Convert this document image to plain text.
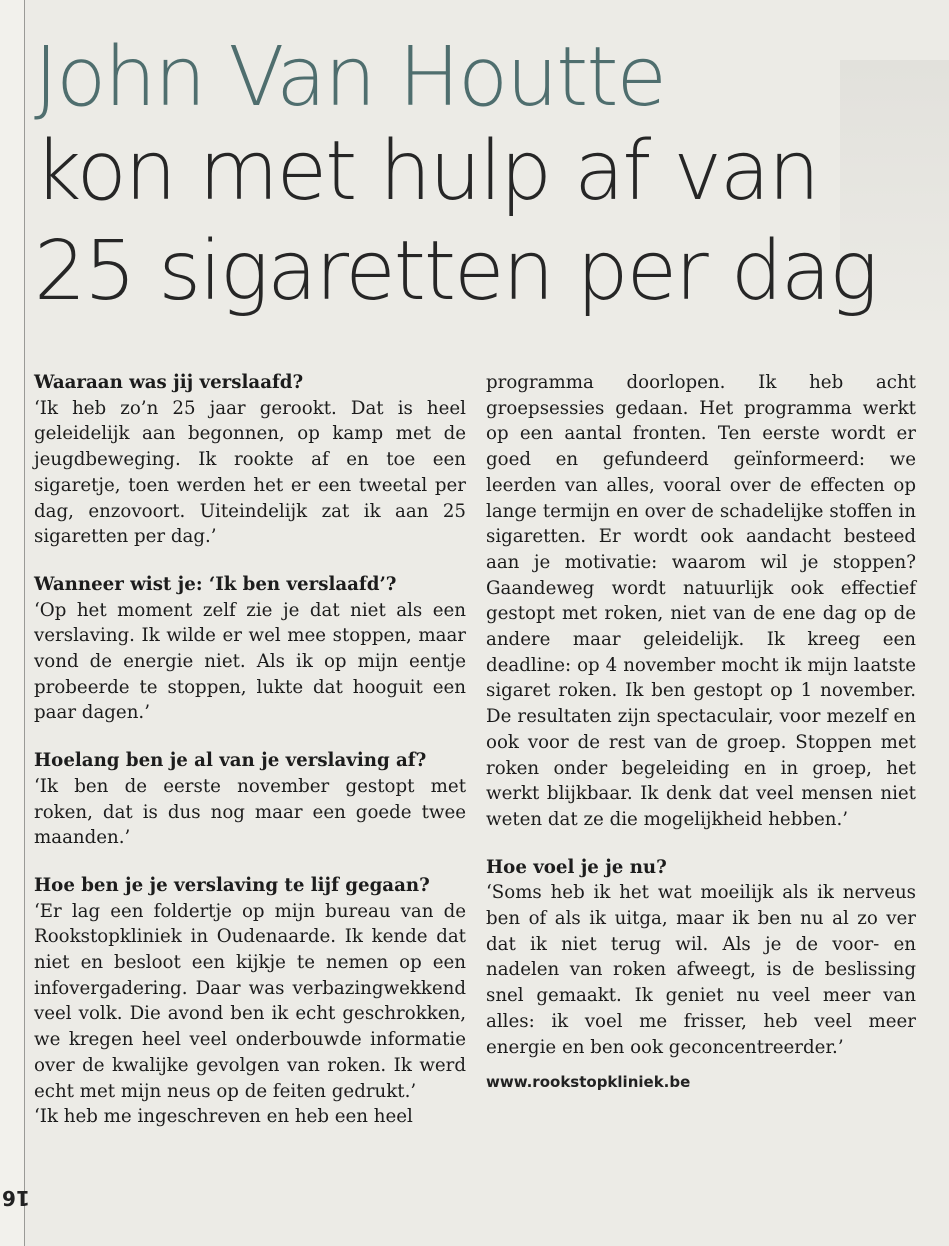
John Van Houtte
kon met hulp af van
25 sigaretten per dag

Waaraan was jij verslaafd?

‘Ik heb zo’n 25 jaar gerookt. Dat is heel geleidelijk aan begonnen, op kamp met de jeugdbeweging. Ik rookte af en toe een sigaretje, toen werden het er een tweetal per dag, enzovoort. Uiteindelijk zat ik aan 25 sigaretten per dag.’

Wanneer wist je: ‘Ik ben verslaafd’?

‘Op het moment zelf zie je dat niet als een verslaving. Ik wilde er wel mee stoppen, maar vond de energie niet. Als ik op mijn eentje probeerde te stoppen, lukte dat hooguit een paar dagen.’

Hoelang ben je al van je verslaving af?

‘Ik ben de eerste november gestopt met roken, dat is dus nog maar een goede twee maanden.’

Hoe ben je je verslaving te lijf gegaan?

‘Er lag een foldertje op mijn bureau van de Rookstopkliniek in Oudenaarde. Ik kende dat niet en besloot een kijkje te nemen op een infovergadering. Daar was verbazingwekkend veel volk. Die avond ben ik echt geschrokken, we kregen heel veel onderbouwde informatie over de kwalijke gevolgen van roken. Ik werd echt met mijn neus op de feiten gedrukt.’

‘Ik heb me ingeschreven en heb een heel

programma doorlopen. Ik heb acht groepsessies gedaan. Het programma werkt op een aantal fronten. Ten eerste wordt er goed en gefundeerd geïnformeerd: we leerden van alles, vooral over de effecten op lange termijn en over de schadelijke stoffen in sigaretten. Er wordt ook aandacht besteed aan je motivatie: waarom wil je stoppen? Gaandeweg wordt natuurlijk ook effectief gestopt met roken, niet van de ene dag op de andere maar geleidelijk. Ik kreeg een deadline: op 4 november mocht ik mijn laatste sigaret roken. Ik ben gestopt op 1 november. De resultaten zijn spectaculair, voor mezelf en ook voor de rest van de groep. Stoppen met roken onder begeleiding en in groep, het werkt blijkbaar. Ik denk dat veel mensen niet weten dat ze die mogelijkheid hebben.’

Hoe voel je je nu?

‘Soms heb ik het wat moeilijk als ik nerveus ben of als ik uitga, maar ik ben nu al zo ver dat ik niet terug wil. Als je de voor- en nadelen van roken afweegt, is de beslissing snel gemaakt. Ik geniet nu veel meer van alles: ik voel me frisser, heb veel meer energie en ben ook geconcentreerder.’

www.rookstopkliniek.be
16
